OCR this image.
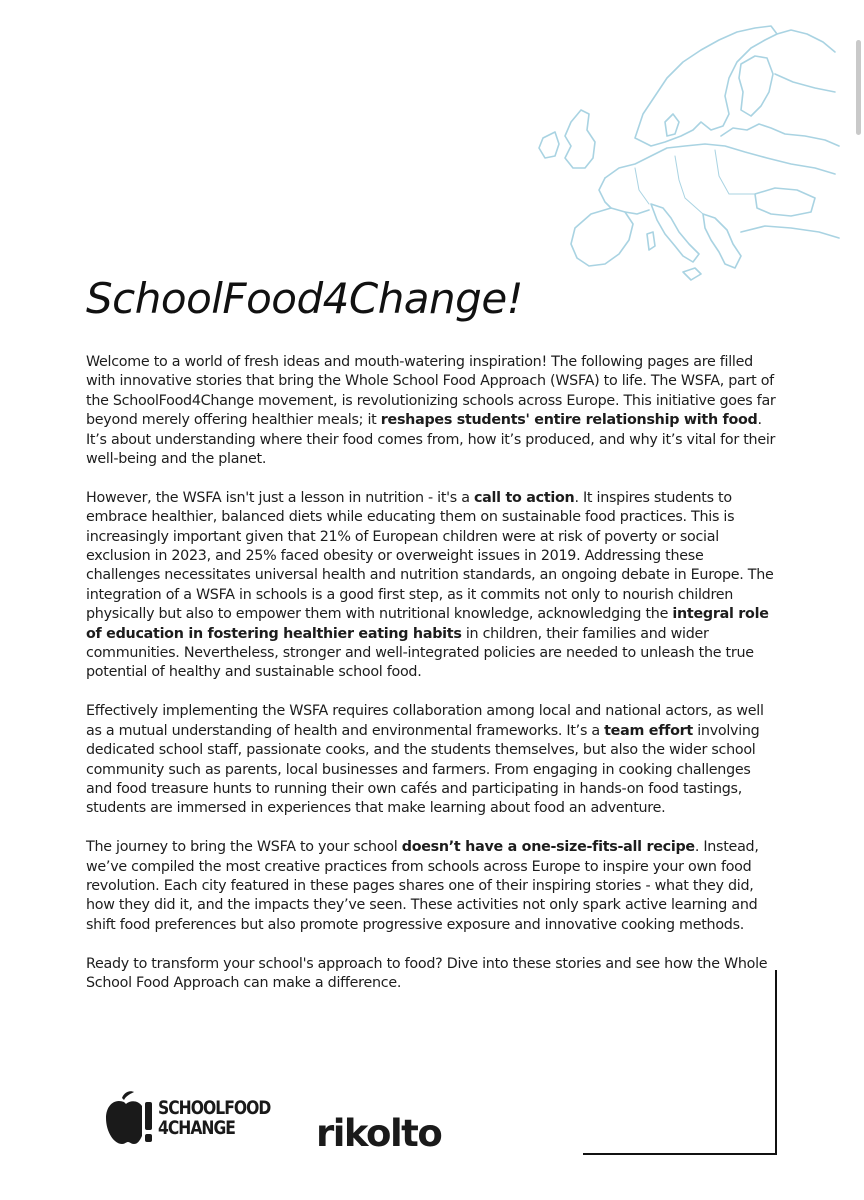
SchoolFood4Change!

Welcome to a world of fresh ideas and mouth-watering inspiration! The following pages are filled with innovative stories that bring the Whole School Food Approach (WSFA) to life. The WSFA, part of the SchoolFood4Change movement, is revolutionizing schools across Europe. This initiative goes far beyond merely offering healthier meals; it reshapes students' entire relationship with food. It’s about understanding where their food comes from, how it’s produced, and why it’s vital for their well-being and the planet.

However, the WSFA isn't just a lesson in nutrition - it's a call to action. It inspires students to embrace healthier, balanced diets while educating them on sustainable food practices. This is increasingly important given that 21% of European children were at risk of poverty or social exclusion in 2023, and 25% faced obesity or overweight issues in 2019. Addressing these challenges necessitates universal health and nutrition standards, an ongoing debate in Europe. The integration of a WSFA in schools is a good first step, as it commits not only to nourish children physically but also to empower them with nutritional knowledge, acknowledging the integral role of education in fostering healthier eating habits in children, their families and wider communities. Nevertheless, stronger and well-integrated policies are needed to unleash the true potential of healthy and sustainable school food.

Effectively implementing the WSFA requires collaboration among local and national actors, as well as a mutual understanding of health and environmental frameworks. It’s a team effort involving dedicated school staff, passionate cooks, and the students themselves, but also the wider school community such as parents, local businesses and farmers. From engaging in cooking challenges and food treasure hunts to running their own cafés and participating in hands-on food tastings, students are immersed in experiences that make learning about food an adventure.

The journey to bring the WSFA to your school doesn’t have a one-size-fits-all recipe. Instead, we’ve compiled the most creative practices from schools across Europe to inspire your own food revolution. Each city featured in these pages shares one of their inspiring stories - what they did, how they did it, and the impacts they’ve seen. These activities not only spark active learning and shift food preferences but also promote progressive exposure and innovative cooking methods.

Ready to transform your school's approach to food? Dive into these stories and see how the Whole School Food Approach can make a difference.

SCHOOLFOOD
4CHANGE	rikolto
